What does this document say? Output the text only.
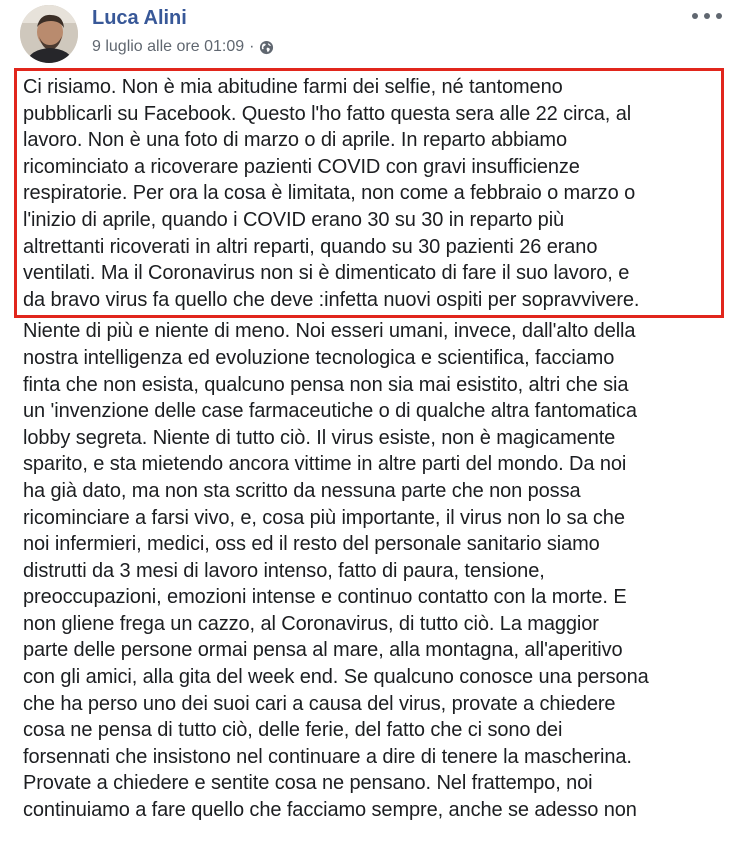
Luca Alini
9 luglio alle ore 01:09 ·

Ci risiamo. Non è mia abitudine farmi dei selfie, né tantomeno
pubblicarli su Facebook. Questo l'ho fatto questa sera alle 22 circa, al
lavoro. Non è una foto di marzo o di aprile. In reparto abbiamo
ricominciato a ricoverare pazienti COVID con gravi insufficienze
respiratorie. Per ora la cosa è limitata, non come a febbraio o marzo o
l'inizio di aprile, quando i COVID erano 30 su 30 in reparto più
altrettanti ricoverati in altri reparti, quando su 30 pazienti 26 erano
ventilati. Ma il Coronavirus non si è dimenticato di fare il suo lavoro, e
da bravo virus fa quello che deve :infetta nuovi ospiti per sopravvivere.

Niente di più e niente di meno. Noi esseri umani, invece, dall'alto della
nostra intelligenza ed evoluzione tecnologica e scientifica, facciamo
finta che non esista, qualcuno pensa non sia mai esistito, altri che sia
un 'invenzione delle case farmaceutiche o di qualche altra fantomatica
lobby segreta. Niente di tutto ciò. Il virus esiste, non è magicamente
sparito, e sta mietendo ancora vittime in altre parti del mondo. Da noi
ha già dato, ma non sta scritto da nessuna parte che non possa
ricominciare a farsi vivo, e, cosa più importante, il virus non lo sa che
noi infermieri, medici, oss ed il resto del personale sanitario siamo
distrutti da 3 mesi di lavoro intenso, fatto di paura, tensione,
preoccupazioni, emozioni intense e continuo contatto con la morte. E
non gliene frega un cazzo, al Coronavirus, di tutto ciò. La maggior
parte delle persone ormai pensa al mare, alla montagna, all'aperitivo
con gli amici, alla gita del week end. Se qualcuno conosce una persona
che ha perso uno dei suoi cari a causa del virus, provate a chiedere
cosa ne pensa di tutto ciò, delle ferie, del fatto che ci sono dei
forsennati che insistono nel continuare a dire di tenere la mascherina.
Provate a chiedere e sentite cosa ne pensano. Nel frattempo, noi
continuiamo a fare quello che facciamo sempre, anche se adesso non
